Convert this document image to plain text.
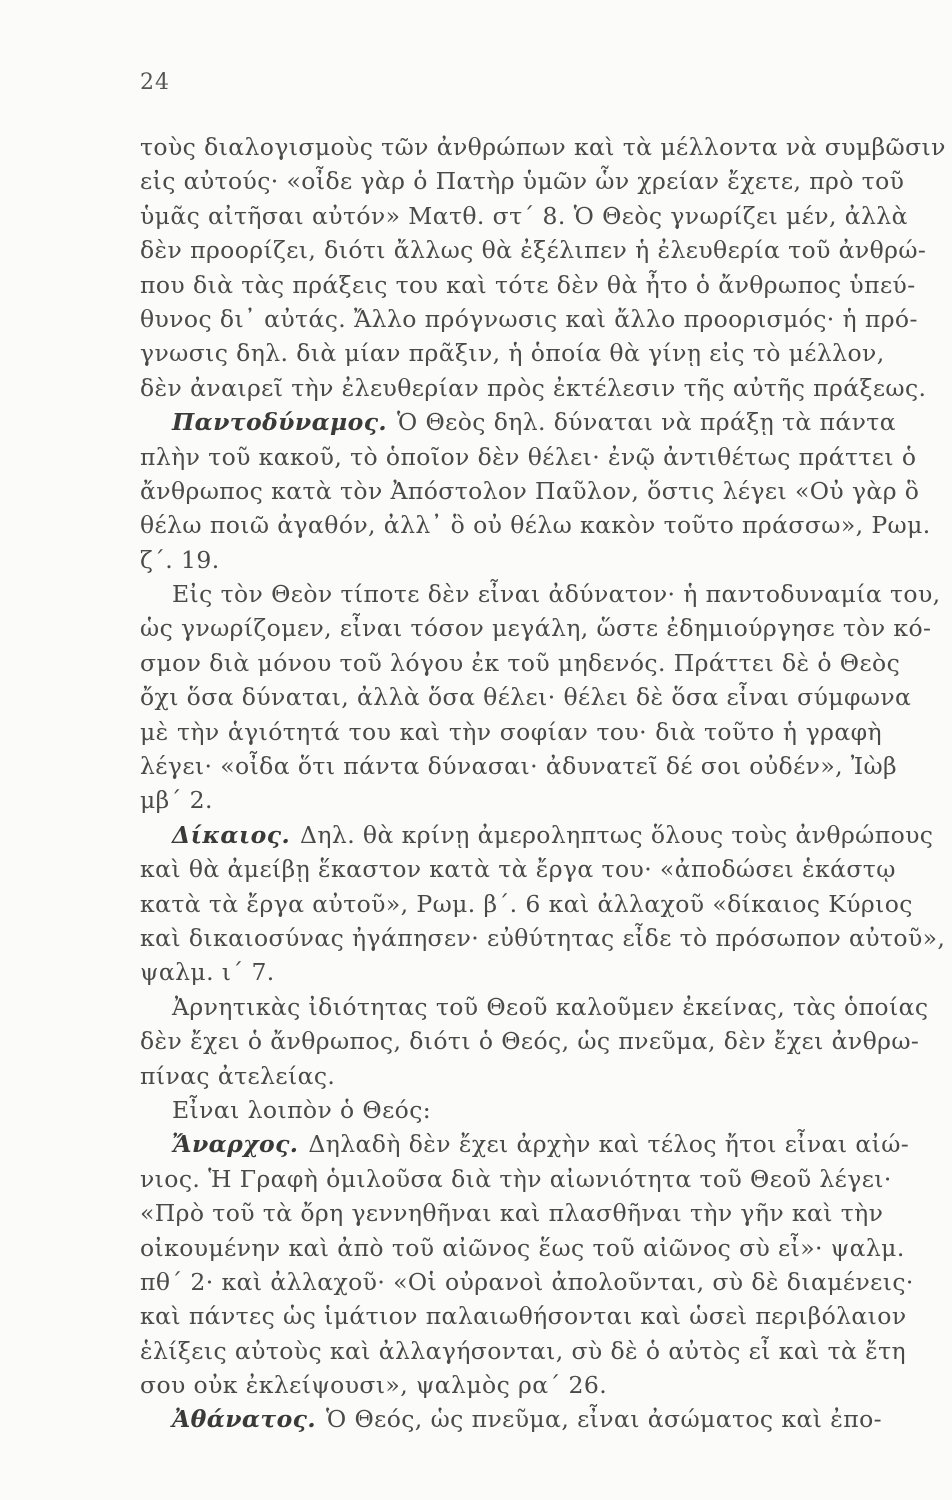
24
τοὺς διαλογισμοὺς τῶν ἀνθρώπων καὶ τὰ μέλλοντα νὰ συμβῶσιν
εἰς αὐτούς· «οἶδε γὰρ ὁ Πατὴρ ὑμῶν ὧν χρείαν ἔχετε, πρὸ τοῦ
ὑμᾶς αἰτῆσαι αὐτόν» Ματθ. στ΄ 8. Ὁ Θεὸς γνωρίζει μέν, ἀλλὰ
δὲν προορίζει, διότι ἄλλως θὰ ἐξέλιπεν ἡ ἐλευθερία τοῦ ἀνθρώ-
που διὰ τὰς πράξεις του καὶ τότε δὲν θὰ ἦτο ὁ ἄνθρωπος ὑπεύ-
θυνος δι᾿ αὐτάς. Ἄλλο πρόγνωσις καὶ ἄλλο προορισμός· ἡ πρό-
γνωσις δηλ. διὰ μίαν πρᾶξιν, ἡ ὁποία θὰ γίνῃ εἰς τὸ μέλλον,
δὲν ἀναιρεῖ τὴν ἐλευθερίαν πρὸς ἐκτέλεσιν τῆς αὐτῆς πράξεως.
Παντοδύναμος. Ὁ Θεὸς δηλ. δύναται νὰ πράξῃ τὰ πάντα
πλὴν τοῦ κακοῦ, τὸ ὁποῖον δὲν θέλει· ἐνῷ ἀντιθέτως πράττει ὁ
ἄνθρωπος κατὰ τὸν Ἀπόστολον Παῦλον, ὅστις λέγει «Οὐ γὰρ ὃ
θέλω ποιῶ ἀγαθόν, ἀλλ᾿ ὃ οὐ θέλω κακὸν τοῦτο πράσσω», Ρωμ.
ζ΄. 19.
Εἰς τὸν Θεὸν τίποτε δὲν εἶναι ἀδύνατον· ἡ παντοδυναμία του,
ὡς γνωρίζομεν, εἶναι τόσον μεγάλη, ὥστε ἐδημιούργησε τὸν κό-
σμον διὰ μόνου τοῦ λόγου ἐκ τοῦ μηδενός. Πράττει δὲ ὁ Θεὸς
ὄχι ὅσα δύναται, ἀλλὰ ὅσα θέλει· θέλει δὲ ὅσα εἶναι σύμφωνα
μὲ τὴν ἁγιότητά του καὶ τὴν σοφίαν του· διὰ τοῦτο ἡ γραφὴ
λέγει· «οἶδα ὅτι πάντα δύνασαι· ἀδυνατεῖ δέ σοι οὐδέν», Ἰὼβ
μβ΄ 2.
Δίκαιος. Δηλ. θὰ κρίνῃ ἀμεροληπτως ὅλους τοὺς ἀνθρώπους
καὶ θὰ ἀμείβῃ ἕκαστον κατὰ τὰ ἔργα του· «ἀποδώσει ἑκάστῳ
κατὰ τὰ ἔργα αὐτοῦ», Ρωμ. β΄. 6 καὶ ἀλλαχοῦ «δίκαιος Κύριος
καὶ δικαιοσύνας ἠγάπησεν· εὐθύτητας εἶδε τὸ πρόσωπον αὐτοῦ»,
ψαλμ. ι΄ 7.
Ἀρνητικὰς ἰδιότητας τοῦ Θεοῦ καλοῦμεν ἐκείνας, τὰς ὁποίας
δὲν ἔχει ὁ ἄνθρωπος, διότι ὁ Θεός, ὡς πνεῦμα, δὲν ἔχει ἀνθρω-
πίνας ἀτελείας.
Εἶναι λοιπὸν ὁ Θεός:
Ἄναρχος. Δηλαδὴ δὲν ἔχει ἀρχὴν καὶ τέλος ἤτοι εἶναι αἰώ-
νιος. Ἡ Γραφὴ ὁμιλοῦσα διὰ τὴν αἰωνιότητα τοῦ Θεοῦ λέγει·
«Πρὸ τοῦ τὰ ὄρη γεννηθῆναι καὶ πλασθῆναι τὴν γῆν καὶ τὴν
οἰκουμένην καὶ ἀπὸ τοῦ αἰῶνος ἕως τοῦ αἰῶνος σὺ εἶ»· ψαλμ.
πθ΄ 2· καὶ ἀλλαχοῦ· «Οἱ οὐρανοὶ ἀπολοῦνται, σὺ δὲ διαμένεις·
καὶ πάντες ὡς ἱμάτιον παλαιωθήσονται καὶ ὡσεὶ περιβόλαιον
ἑλίξεις αὐτοὺς καὶ ἀλλαγήσονται, σὺ δὲ ὁ αὐτὸς εἶ καὶ τὰ ἔτη
σου οὐκ ἐκλείψουσι», ψαλμὸς ρα΄ 26.
Ἀθάνατος. Ὁ Θεός, ὡς πνεῦμα, εἶναι ἀσώματος καὶ ἐπο-
